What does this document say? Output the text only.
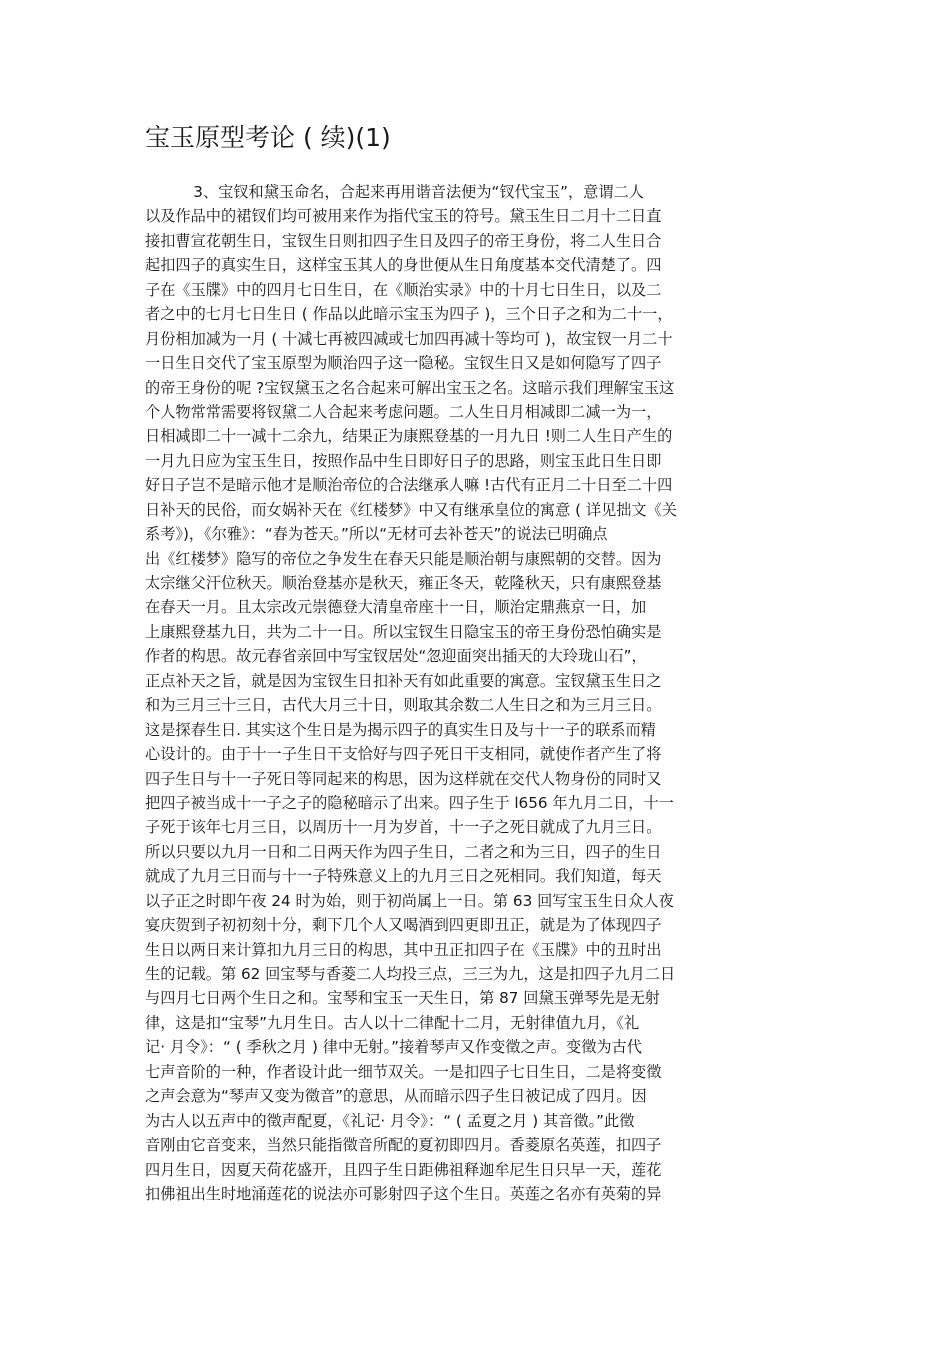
宝玉原型考论 ( 续)(1)
3、宝钗和黛玉命名，合起来再用谐音法便为“钗代宝玉”，意谓二人
以及作品中的裙钗们均可被用来作为指代宝玉的符号。黛玉生日二月十二日直
接扣曹宣花朝生日，宝钗生日则扣四子生日及四子的帝王身份，将二人生日合
起扣四子的真实生日，这样宝玉其人的身世便从生日角度基本交代清楚了。四
子在《玉牒》中的四月七日生日，在《顺治实录》中的十月七日生日，以及二
者之中的七月七日生日 ( 作品以此暗示宝玉为四子 )，三个日子之和为二十一，
月份相加减为一月 ( 十减七再被四减或七加四再减十等均可 )，故宝钗一月二十
一日生日交代了宝玉原型为顺治四子这一隐秘。宝钗生日又是如何隐写了四子
的帝王身份的呢 ?宝钗黛玉之名合起来可解出宝玉之名。这暗示我们理解宝玉这
个人物常常需要将钗黛二人合起来考虑问题。二人生日月相减即二减一为一，
日相减即二十一减十二余九，结果正为康熙登基的一月九日 !则二人生日产生的
一月九日应为宝玉生日，按照作品中生日即好日子的思路，则宝玉此日生日即
好日子岂不是暗示他才是顺治帝位的合法继承人嘛 !古代有正月二十日至二十四
日补天的民俗，而女娲补天在《红楼梦》中又有继承皇位的寓意 ( 详见拙文《关
系考》)，《尔雅》：“春为苍天。”所以“无材可去补苍天”的说法已明确点
出《红楼梦》隐写的帝位之争发生在春天只能是顺治朝与康熙朝的交替。因为
太宗继父汗位秋天。顺治登基亦是秋天，雍正冬天，乾隆秋天，只有康熙登基
在春天一月。且太宗改元崇德登大清皇帝座十一日，顺治定鼎燕京一日，加
上康熙登基九日，共为二十一日。所以宝钗生日隐宝玉的帝王身份恐怕确实是
作者的构思。故元春省亲回中写宝钗居处“忽迎面突出插天的大玲珑山石”，
正点补天之旨，就是因为宝钗生日扣补天有如此重要的寓意。宝钗黛玉生日之
和为三月三十三日，古代大月三十日，则取其余数二人生日之和为三月三日。
这是探春生日. 其实这个生日是为揭示四子的真实生日及与十一子的联系而精
心设计的。由于十一子生日干支恰好与四子死日干支相同，就使作者产生了将
四子生日与十一子死日等同起来的构思，因为这样就在交代人物身份的同时又
把四子被当成十一子之子的隐秘暗示了出来。四子生于 l656 年九月二日，十一
子死于该年七月三日，以周历十一月为岁首，十一子之死日就成了九月三日。
所以只要以九月一日和二日两天作为四子生日，二者之和为三日，四子的生日
就成了九月三日而与十一子特殊意义上的九月三日之死相同。我们知道，每天
以子正之时即午夜 24 时为始，则于初尚属上一日。第 63 回写宝玉生日众人夜
宴庆贺到子初初刻十分，剩下几个人又喝酒到四更即丑正，就是为了体现四子
生日以两日来计算扣九月三日的构思，其中丑正扣四子在《玉牒》中的丑时出
生的记载。第 62 回宝琴与香菱二人均投三点，三三为九，这是扣四子九月二日
与四月七日两个生日之和。宝琴和宝玉一天生日，第 87 回黛玉弹琴先是无射
律，这是扣“宝琴”九月生日。古人以十二律配十二月，无射律值九月，《礼
记· 月令》：“ ( 季秋之月 ) 律中无射。”接着琴声又作变徵之声。变徵为古代
七声音阶的一种，作者设计此一细节双关。一是扣四子七日生日，二是将变徵
之声会意为“琴声又变为徵音”的意思，从而暗示四子生日被记成了四月。因
为古人以五声中的徵声配夏，《礼记· 月令》：“ ( 孟夏之月 ) 其音徵。”此徵
音刚由它音变来，当然只能指徵音所配的夏初即四月。香菱原名英莲，扣四子
四月生日，因夏天荷花盛开，且四子生日距佛祖释迦牟尼生日只早一天，莲花
扣佛祖出生时地涌莲花的说法亦可影射四子这个生日。英莲之名亦有英菊的异
